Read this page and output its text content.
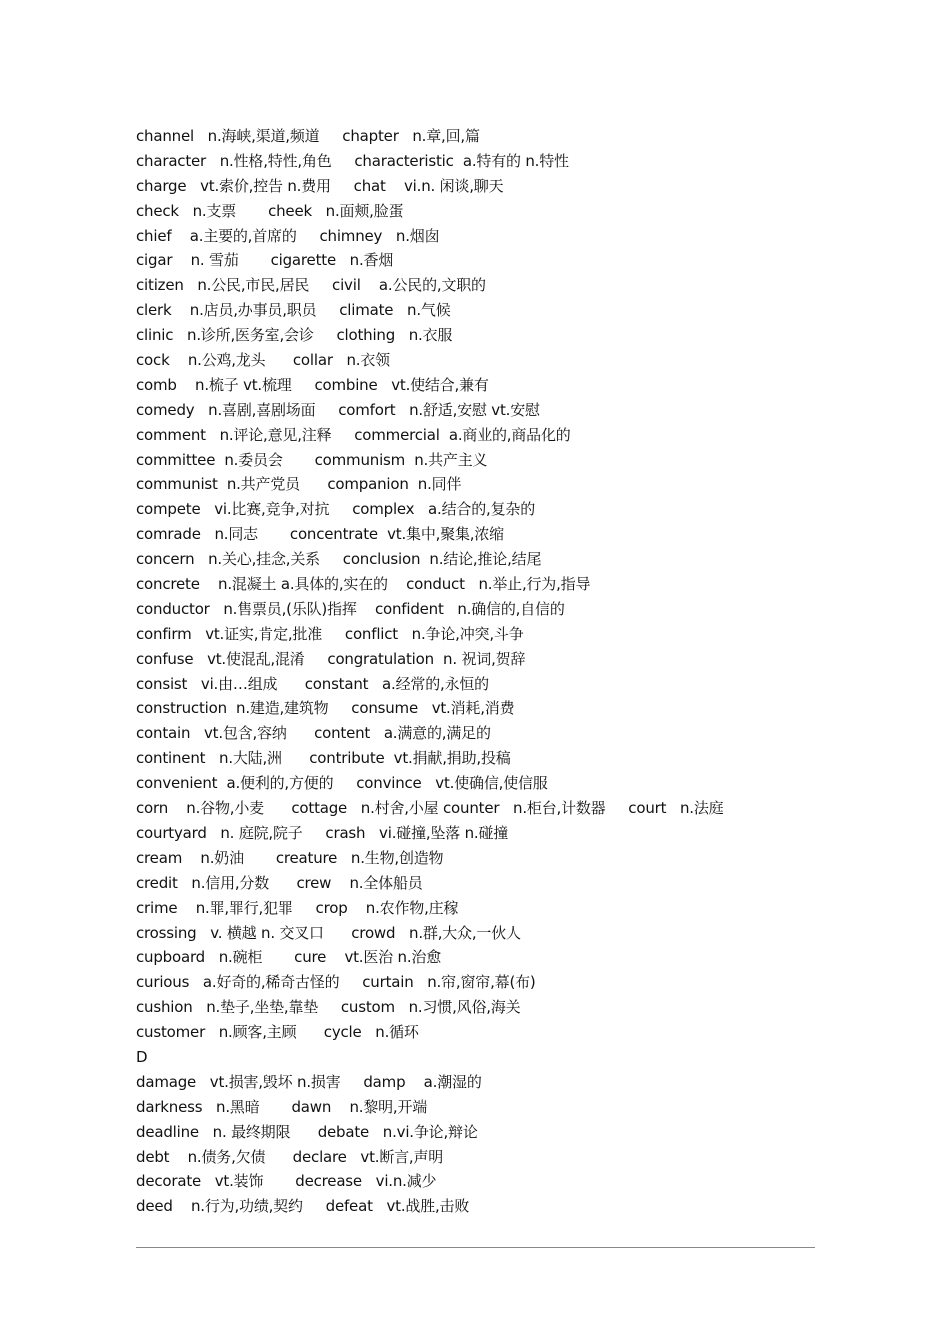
channel   n.海峡,渠道,频道     chapter   n.章,回,篇
character   n.性格,特性,角色     characteristic  a.特有的 n.特性
charge   vt.索价,控告 n.费用     chat    vi.n. 闲谈,聊天
check   n.支票       cheek   n.面颊,脸蛋
chief    a.主要的,首席的     chimney   n.烟囱
cigar    n. 雪茄       cigarette   n.香烟
citizen   n.公民,市民,居民     civil    a.公民的,文职的
clerk    n.店员,办事员,职员     climate   n.气候
clinic   n.诊所,医务室,会诊     clothing   n.衣服
cock    n.公鸡,龙头      collar   n.衣领
comb    n.梳子 vt.梳理     combine   vt.使结合,兼有
comedy   n.喜剧,喜剧场面     comfort   n.舒适,安慰 vt.安慰
comment   n.评论,意见,注释     commercial  a.商业的,商品化的
committee  n.委员会       communism  n.共产主义
communist  n.共产党员      companion  n.同伴
compete   vi.比赛,竞争,对抗     complex   a.结合的,复杂的
comrade   n.同志       concentrate  vt.集中,聚集,浓缩
concern   n.关心,挂念,关系     conclusion  n.结论,推论,结尾
concrete    n.混凝土 a.具体的,实在的    conduct   n.举止,行为,指导
conductor   n.售票员,(乐队)指挥    confident   n.确信的,自信的
confirm   vt.证实,肯定,批准     conflict   n.争论,冲突,斗争
confuse   vt.使混乱,混淆     congratulation  n. 祝词,贺辞
consist   vi.由…组成      constant   a.经常的,永恒的
construction  n.建造,建筑物     consume   vt.消耗,消费
contain   vt.包含,容纳      content   a.满意的,满足的
continent   n.大陆,洲      contribute  vt.捐献,捐助,投稿
convenient  a.便利的,方便的     convince   vt.使确信,使信服
corn    n.谷物,小麦      cottage   n.村舍,小屋 counter   n.柜台,计数器     court   n.法庭
courtyard   n. 庭院,院子     crash   vi.碰撞,坠落 n.碰撞
cream    n.奶油       creature   n.生物,创造物
credit   n.信用,分数      crew    n.全体船员
crime    n.罪,罪行,犯罪     crop    n.农作物,庄稼
crossing   v. 横越 n. 交叉口      crowd   n.群,大众,一伙人
cupboard   n.碗柜       cure    vt.医治 n.治愈
curious   a.好奇的,稀奇古怪的     curtain   n.帘,窗帘,幕(布)
cushion   n.垫子,坐垫,靠垫     custom   n.习惯,风俗,海关
customer   n.顾客,主顾      cycle   n.循环
D
damage   vt.损害,毁坏 n.损害     damp    a.潮湿的
darkness   n.黑暗       dawn    n.黎明,开端
deadline   n. 最终期限      debate   n.vi.争论,辩论
debt    n.债务,欠债      declare   vt.断言,声明
decorate   vt.装饰       decrease   vi.n.减少
deed    n.行为,功绩,契约     defeat   vt.战胜,击败
